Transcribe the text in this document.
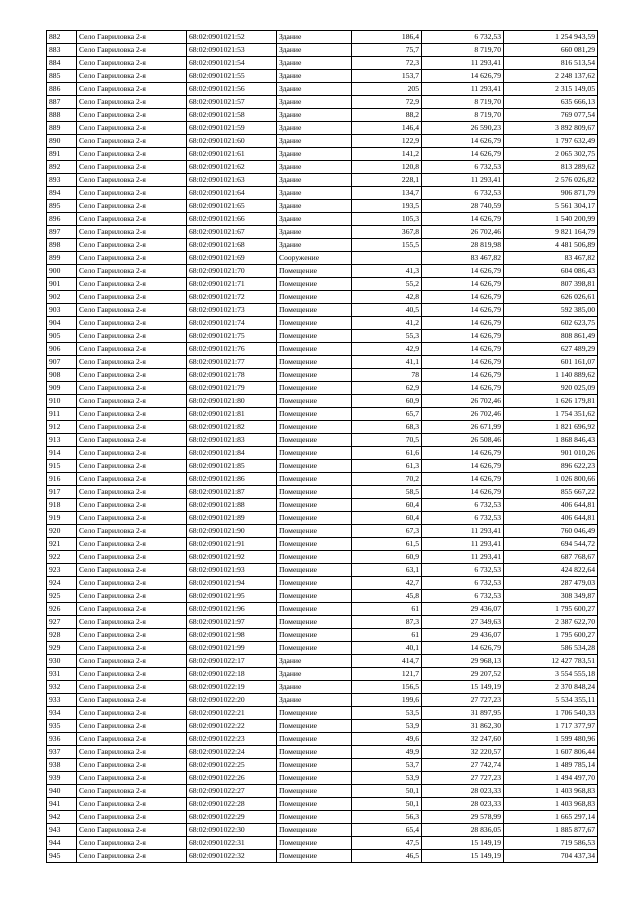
882	Село Гавриловка 2-я	68:02:0901021:52	Здание	186,4	6 732,53	1 254 943,59
883	Село Гавриловка 2-я	68:02:0901021:53	Здание	75,7	8 719,70	660 081,29
884	Село Гавриловка 2-я	68:02:0901021:54	Здание	72,3	11 293,41	816 513,54
885	Село Гавриловка 2-я	68:02:0901021:55	Здание	153,7	14 626,79	2 248 137,62
886	Село Гавриловка 2-я	68:02:0901021:56	Здание	205	11 293,41	2 315 149,05
887	Село Гавриловка 2-я	68:02:0901021:57	Здание	72,9	8 719,70	635 666,13
888	Село Гавриловка 2-я	68:02:0901021:58	Здание	88,2	8 719,70	769 077,54
889	Село Гавриловка 2-я	68:02:0901021:59	Здание	146,4	26 590,23	3 892 809,67
890	Село Гавриловка 2-я	68:02:0901021:60	Здание	122,9	14 626,79	1 797 632,49
891	Село Гавриловка 2-я	68:02:0901021:61	Здание	141,2	14 626,79	2 065 302,75
892	Село Гавриловка 2-я	68:02:0901021:62	Здание	120,8	6 732,53	813 289,62
893	Село Гавриловка 2-я	68:02:0901021:63	Здание	228,1	11 293,41	2 576 026,82
894	Село Гавриловка 2-я	68:02:0901021:64	Здание	134,7	6 732,53	906 871,79
895	Село Гавриловка 2-я	68:02:0901021:65	Здание	193,5	28 740,59	5 561 304,17
896	Село Гавриловка 2-я	68:02:0901021:66	Здание	105,3	14 626,79	1 540 200,99
897	Село Гавриловка 2-я	68:02:0901021:67	Здание	367,8	26 702,46	9 821 164,79
898	Село Гавриловка 2-я	68:02:0901021:68	Здание	155,5	28 819,98	4 481 506,89
899	Село Гавриловка 2-я	68:02:0901021:69	Сооружение		83 467,82	83 467,82
900	Село Гавриловка 2-я	68:02:0901021:70	Помещение	41,3	14 626,79	604 086,43
901	Село Гавриловка 2-я	68:02:0901021:71	Помещение	55,2	14 626,79	807 398,81
902	Село Гавриловка 2-я	68:02:0901021:72	Помещение	42,8	14 626,79	626 026,61
903	Село Гавриловка 2-я	68:02:0901021:73	Помещение	40,5	14 626,79	592 385,00
904	Село Гавриловка 2-я	68:02:0901021:74	Помещение	41,2	14 626,79	602 623,75
905	Село Гавриловка 2-я	68:02:0901021:75	Помещение	55,3	14 626,79	808 861,49
906	Село Гавриловка 2-я	68:02:0901021:76	Помещение	42,9	14 626,79	627 489,29
907	Село Гавриловка 2-я	68:02:0901021:77	Помещение	41,1	14 626,79	601 161,07
908	Село Гавриловка 2-я	68:02:0901021:78	Помещение	78	14 626,79	1 140 889,62
909	Село Гавриловка 2-я	68:02:0901021:79	Помещение	62,9	14 626,79	920 025,09
910	Село Гавриловка 2-я	68:02:0901021:80	Помещение	60,9	26 702,46	1 626 179,81
911	Село Гавриловка 2-я	68:02:0901021:81	Помещение	65,7	26 702,46	1 754 351,62
912	Село Гавриловка 2-я	68:02:0901021:82	Помещение	68,3	26 671,99	1 821 696,92
913	Село Гавриловка 2-я	68:02:0901021:83	Помещение	70,5	26 508,46	1 868 846,43
914	Село Гавриловка 2-я	68:02:0901021:84	Помещение	61,6	14 626,79	901 010,26
915	Село Гавриловка 2-я	68:02:0901021:85	Помещение	61,3	14 626,79	896 622,23
916	Село Гавриловка 2-я	68:02:0901021:86	Помещение	70,2	14 626,79	1 026 800,66
917	Село Гавриловка 2-я	68:02:0901021:87	Помещение	58,5	14 626,79	855 667,22
918	Село Гавриловка 2-я	68:02:0901021:88	Помещение	60,4	6 732,53	406 644,81
919	Село Гавриловка 2-я	68:02:0901021:89	Помещение	60,4	6 732,53	406 644,81
920	Село Гавриловка 2-я	68:02:0901021:90	Помещение	67,3	11 293,41	760 046,49
921	Село Гавриловка 2-я	68:02:0901021:91	Помещение	61,5	11 293,41	694 544,72
922	Село Гавриловка 2-я	68:02:0901021:92	Помещение	60,9	11 293,41	687 768,67
923	Село Гавриловка 2-я	68:02:0901021:93	Помещение	63,1	6 732,53	424 822,64
924	Село Гавриловка 2-я	68:02:0901021:94	Помещение	42,7	6 732,53	287 479,03
925	Село Гавриловка 2-я	68:02:0901021:95	Помещение	45,8	6 732,53	308 349,87
926	Село Гавриловка 2-я	68:02:0901021:96	Помещение	61	29 436,07	1 795 600,27
927	Село Гавриловка 2-я	68:02:0901021:97	Помещение	87,3	27 349,63	2 387 622,70
928	Село Гавриловка 2-я	68:02:0901021:98	Помещение	61	29 436,07	1 795 600,27
929	Село Гавриловка 2-я	68:02:0901021:99	Помещение	40,1	14 626,79	586 534,28
930	Село Гавриловка 2-я	68:02:0901022:17	Здание	414,7	29 968,13	12 427 783,51
931	Село Гавриловка 2-я	68:02:0901022:18	Здание	121,7	29 207,52	3 554 555,18
932	Село Гавриловка 2-я	68:02:0901022:19	Здание	156,5	15 149,19	2 370 848,24
933	Село Гавриловка 2-я	68:02:0901022:20	Здание	199,6	27 727,23	5 534 355,11
934	Село Гавриловка 2-я	68:02:0901022:21	Помещение	53,5	31 897,95	1 706 540,33
935	Село Гавриловка 2-я	68:02:0901022:22	Помещение	53,9	31 862,30	1 717 377,97
936	Село Гавриловка 2-я	68:02:0901022:23	Помещение	49,6	32 247,60	1 599 480,96
937	Село Гавриловка 2-я	68:02:0901022:24	Помещение	49,9	32 220,57	1 607 806,44
938	Село Гавриловка 2-я	68:02:0901022:25	Помещение	53,7	27 742,74	1 489 785,14
939	Село Гавриловка 2-я	68:02:0901022:26	Помещение	53,9	27 727,23	1 494 497,70
940	Село Гавриловка 2-я	68:02:0901022:27	Помещение	50,1	28 023,33	1 403 968,83
941	Село Гавриловка 2-я	68:02:0901022:28	Помещение	50,1	28 023,33	1 403 968,83
942	Село Гавриловка 2-я	68:02:0901022:29	Помещение	56,3	29 578,99	1 665 297,14
943	Село Гавриловка 2-я	68:02:0901022:30	Помещение	65,4	28 836,05	1 885 877,67
944	Село Гавриловка 2-я	68:02:0901022:31	Помещение	47,5	15 149,19	719 586,53
945	Село Гавриловка 2-я	68:02:0901022:32	Помещение	46,5	15 149,19	704 437,34
